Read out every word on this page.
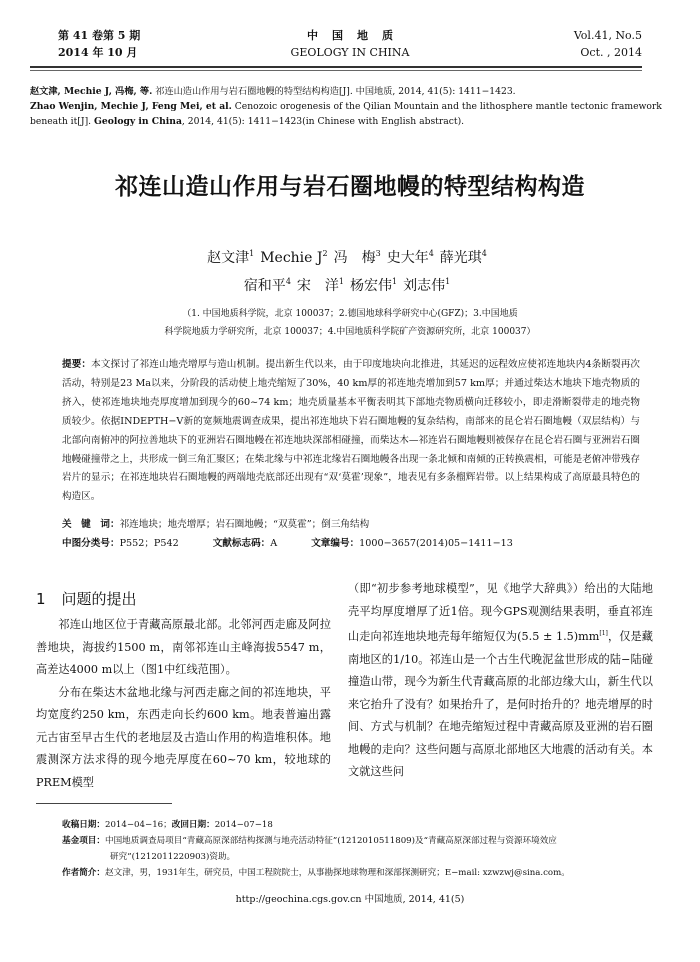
第 41 卷第 5 期
2014 年 10 月
中国地质
GEOLOGY IN CHINA
Vol.41, No.5
Oct. , 2014
赵文津, Mechie J, 冯梅, 等. 祁连山造山作用与岩石圈地幔的特型结构构造[J]. 中国地质, 2014, 41(5): 1411−1423.
Zhao Wenjin, Mechie J, Feng Mei, et al. Cenozoic orogenesis of the Qilian Mountain and the lithosphere mantle tectonic framework beneath it[J]. Geology in China, 2014, 41(5): 1411−1423(in Chinese with English abstract).
祁连山造山作用与岩石圈地幔的特型结构构造
赵文津$^1$ Mechie $J^2$ 冯　梅$^3$ 史大年$^4$ 薛光琪$^4$
宿和平$^4$ 宋　洋$^1$ 杨宏伟$^1$ 刘志伟$^1$
（1. 中国地质科学院，北京 100037；2.德国地球科学研究中心(GFZ)；3.中国地质
科学院地质力学研究所，北京 100037；4.中国地质科学院矿产资源研究所，北京 100037）
提要：本文探讨了祁连山地壳增厚与造山机制。提出新生代以来，由于印度地块向北推进，其延迟的远程效应使祁连地块内4条断裂再次活动，特别是23 Ma以来，分阶段的活动使上地壳缩短了30%，40 km厚的祁连地壳增加到57 km厚；并通过柴达木地块下地壳物质的挤入，使祁连地块地壳厚度增加到现今的60~74 km；地壳质量基本平衡表明其下部地壳物质横向迁移较小，即走滑断裂带走的地壳物质较少。依据INDEPTH−V新的宽频地震调查成果，提出祁连地块下岩石圈地幔的复杂结构，南部来的昆仑岩石圈地幔（双层结构）与北部向南俯冲的阿拉善地块下的亚洲岩石圈地幔在祁连地块深部相碰撞，而柴达木—祁连岩石圈地幔则被保存在昆仑岩石圈与亚洲岩石圈地幔碰撞带之上，共形成一倒三角汇聚区；在柴北缘与中祁连北缘岩石圈地幔各出现一条北倾和南倾的正转换震相，可能是老俯冲带残存岩片的显示；在祁连地块岩石圈地幔的两端地壳底部还出现有“双‘莫霍’现象”，地表见有多条榴辉岩带。以上结果构成了高原最具特色的构造区。
关　键　词：祁连地块；地壳增厚；岩石圈地幔；“双莫霍”；倒三角结构
中图分类号：P552；P542	文献标志码：A	文章编号：1000−3657(2014)05−1411−13
1 问题的提出

祁连山地区位于青藏高原最北部。北邻河西走廊及阿拉善地块，海拔约1500 m，南邻祁连山主峰海拔5547 m，高差达4000 m以上（图1中红线范围）。

分布在柴达木盆地北缘与河西走廊之间的祁连地块，平均宽度约250 km，东西走向长约600 km。地表普遍出露元古宙至早古生代的老地层及古造山作用的构造堆积体。地震测深方法求得的现今地壳厚度在60~70 km，较地球的PREM模型

（即“初步参考地球模型”，见《地学大辞典》）给出的大陆地壳平均厚度增厚了近1倍。现今GPS观测结果表明，垂直祁连山走向祁连地块地壳每年缩短仅为(5.5 ± 1.5)mm[1]，仅是藏南地区的1/10。祁连山是一个古生代晚泥盆世形成的陆−陆碰撞造山带，现今为新生代青藏高原的北部边缘大山，新生代以来它抬升了没有？如果抬升了，是何时抬升的？地壳增厚的时间、方式与机制？在地壳缩短过程中青藏高原及亚洲的岩石圈地幔的走向？这些问题与高原北部地区大地震的活动有关。本文就这些问

收稿日期：2014−04−16；改回日期：2014−07−18
基金项目：中国地质调查局项目“青藏高原深部结构探测与地壳活动特征”(1212010511809)及“青藏高原深部过程与资源环境效应
研究”(1212011220903)资助。
作者简介：赵文津，男，1931年生，研究员，中国工程院院士，从事勘探地球物理和深部探测研究；E−mail: xzwzwj@sina.com。
http://geochina.cgs.gov.cn 中国地质, 2014, 41(5)
